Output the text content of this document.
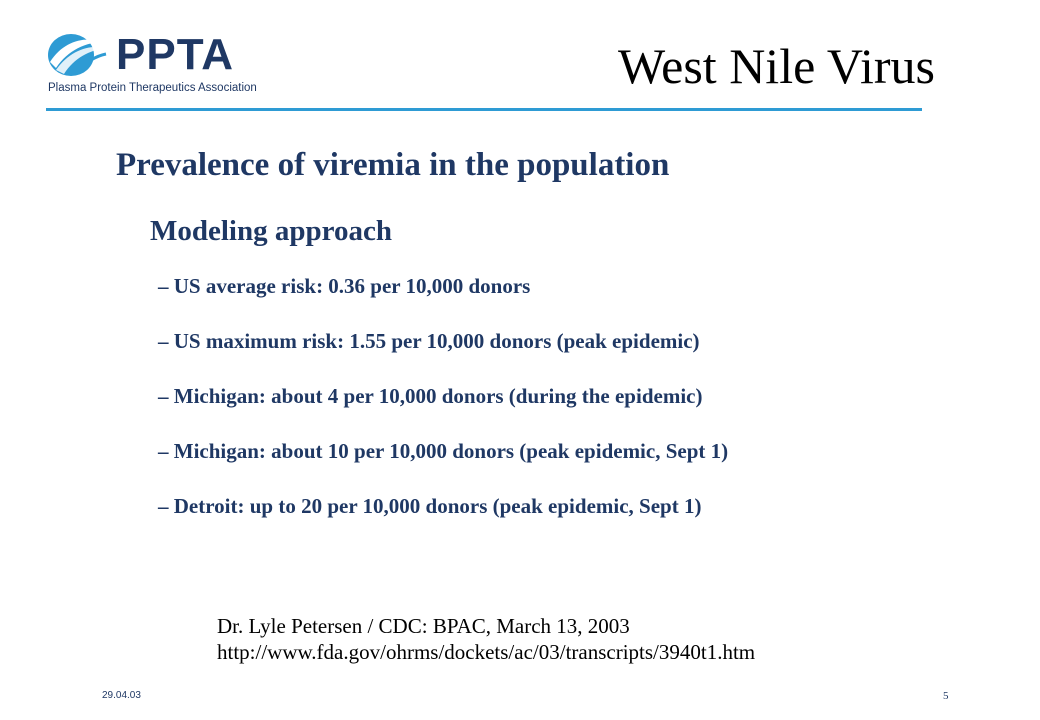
PPTA
Plasma Protein Therapeutics Association	West Nile Virus
Prevalence of viremia in the population
Modeling approach
– US average risk: 0.36 per 10,000 donors
– US maximum risk: 1.55 per 10,000 donors (peak epidemic)
– Michigan: about 4 per 10,000 donors (during the epidemic)
– Michigan: about 10 per 10,000 donors (peak epidemic, Sept 1)
– Detroit: up to 20 per 10,000 donors (peak epidemic, Sept 1)
Dr. Lyle Petersen / CDC: BPAC, March 13, 2003
http://www.fda.gov/ohrms/dockets/ac/03/transcripts/3940t1.htm
29.04.03	5
